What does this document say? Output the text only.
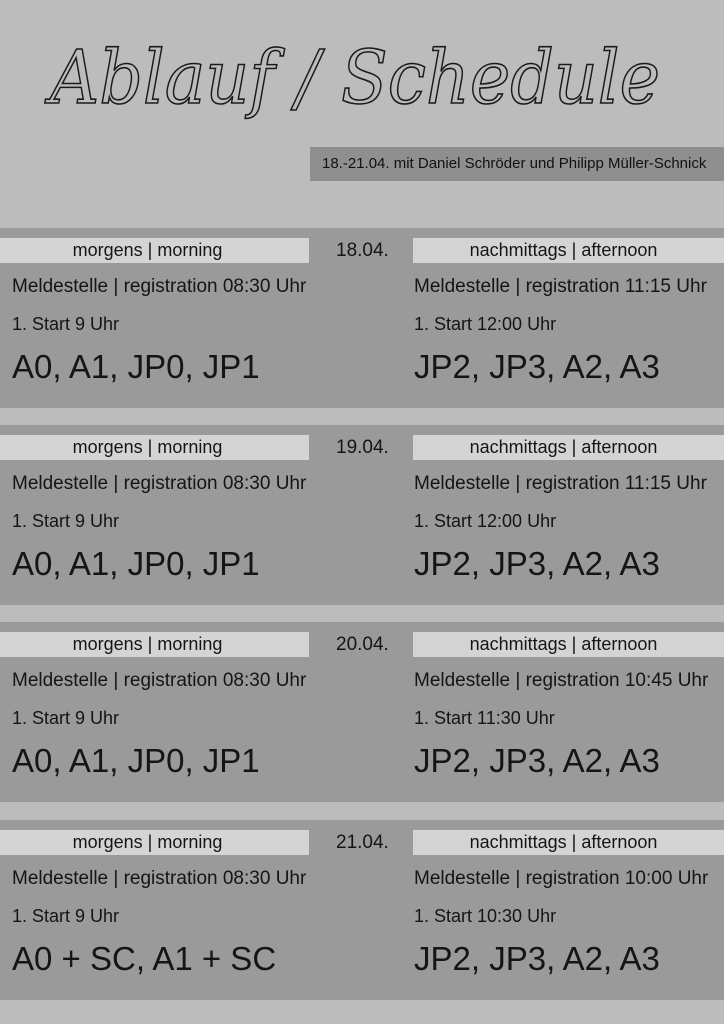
Ablauf / Schedule
18.-21.04. mit Daniel Schröder und Philipp Müller-Schnick
morgens | morning	18.04.	nachmittags | afternoon
Meldestelle | registration 08:30 Uhr	Meldestelle | registration 11:15 Uhr
1. Start 9 Uhr	1. Start 12:00 Uhr
A0, A1, JP0, JP1	JP2, JP3, A2, A3
morgens | morning	19.04.	nachmittags | afternoon
Meldestelle | registration 08:30 Uhr	Meldestelle | registration 11:15 Uhr
1. Start 9 Uhr	1. Start 12:00 Uhr
A0, A1, JP0, JP1	JP2, JP3, A2, A3
morgens | morning	20.04.	nachmittags | afternoon
Meldestelle | registration 08:30 Uhr	Meldestelle | registration 10:45 Uhr
1. Start 9 Uhr	1. Start 11:30 Uhr
A0, A1, JP0, JP1	JP2, JP3, A2, A3
morgens | morning	21.04.	nachmittags | afternoon
Meldestelle | registration 08:30 Uhr	Meldestelle | registration 10:00 Uhr
1. Start 9 Uhr	1. Start 10:30 Uhr
A0 + SC, A1 + SC	JP2, JP3, A2, A3
